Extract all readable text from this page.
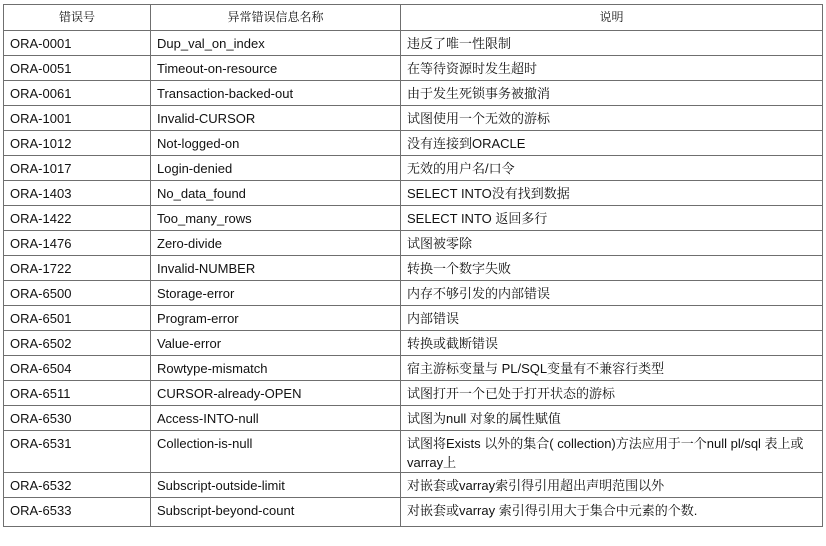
错误号	异常错误信息名称	说明
ORA-0001	Dup_val_on_index	违反了唯一性限制
ORA-0051	Timeout-on-resource	在等待资源时发生超时
ORA-0061	Transaction-backed-out	由于发生死锁事务被撤消
ORA-1001	Invalid-CURSOR	试图使用一个无效的游标
ORA-1012	Not-logged-on	没有连接到ORACLE
ORA-1017	Login-denied	无效的用户名/口令
ORA-1403	No_data_found	SELECT INTO没有找到数据
ORA-1422	Too_many_rows	SELECT INTO 返回多行
ORA-1476	Zero-divide	试图被零除
ORA-1722	Invalid-NUMBER	转换一个数字失败
ORA-6500	Storage-error	内存不够引发的内部错误
ORA-6501	Program-error	内部错误
ORA-6502	Value-error	转换或截断错误
ORA-6504	Rowtype-mismatch	宿主游标变量与 PL/SQL变量有不兼容行类型
ORA-6511	CURSOR-already-OPEN	试图打开一个已处于打开状态的游标
ORA-6530	Access-INTO-null	试图为null 对象的属性赋值
ORA-6531	Collection-is-null	试图将Exists 以外的集合( collection)方法应用于一个null pl/sql 表上或varray上
ORA-6532	Subscript-outside-limit	对嵌套或varray索引得引用超出声明范围以外
ORA-6533	Subscript-beyond-count	对嵌套或varray 索引得引用大于集合中元素的个数.
